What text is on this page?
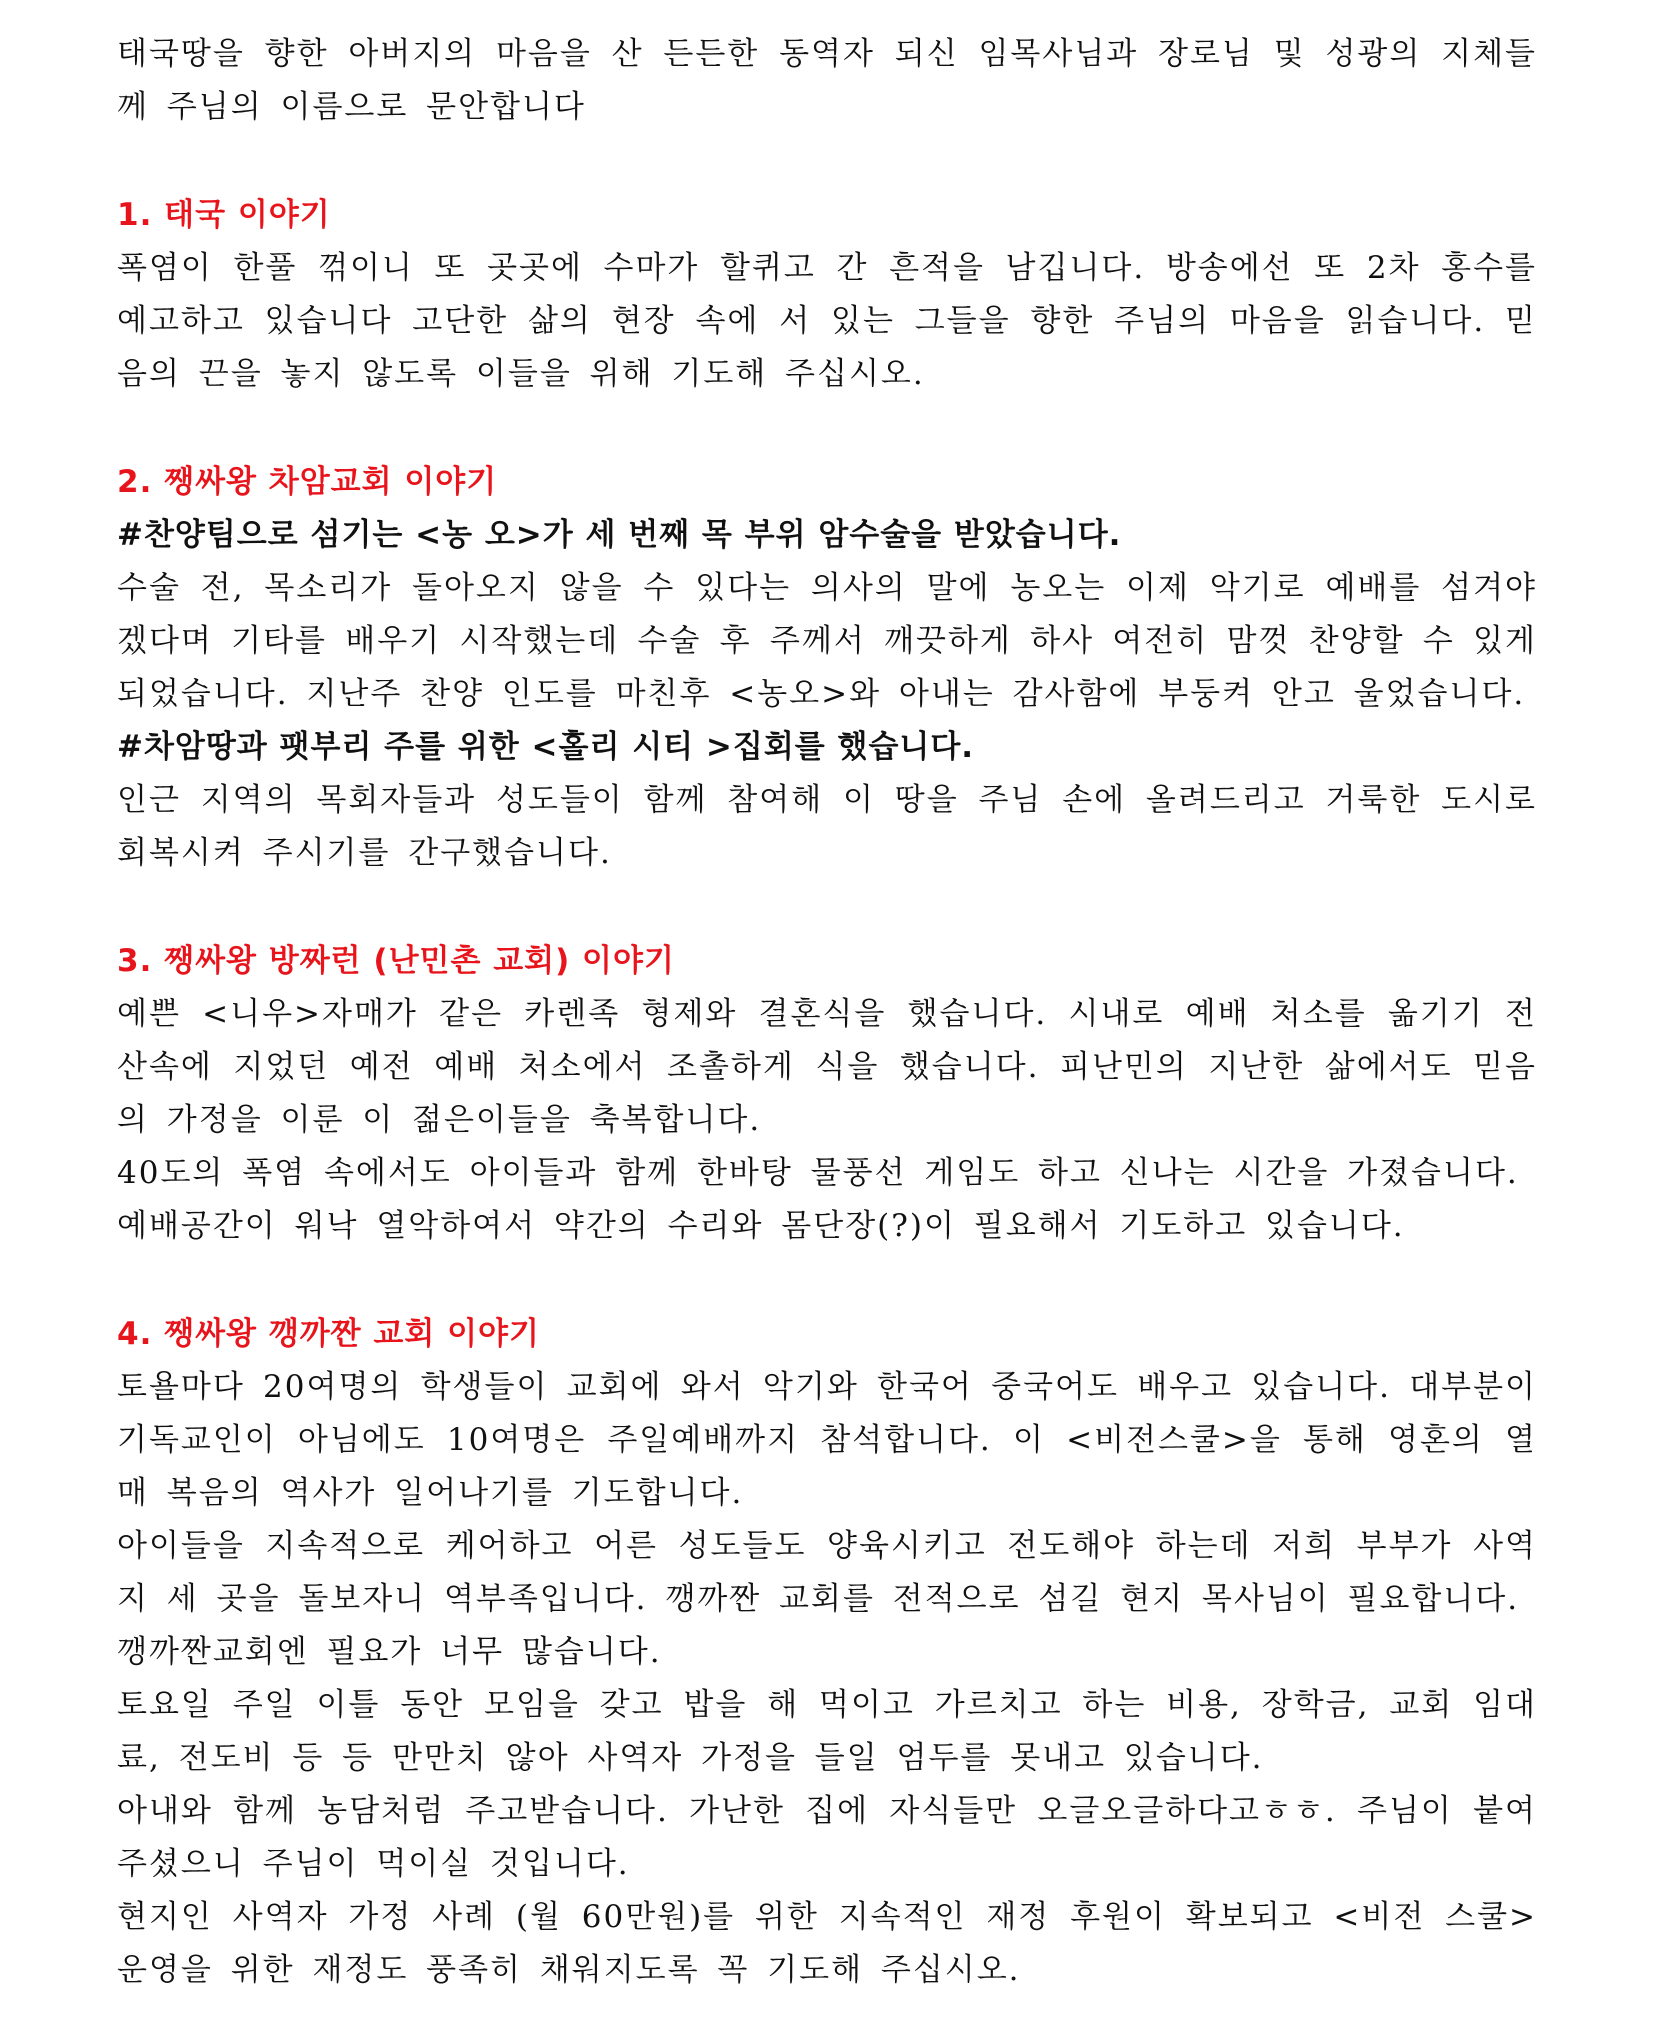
태국땅을 향한 아버지의 마음을 산 든든한 동역자 되신 임목사님과 장로님 및 성광의 지체들께 주님의 이름으로 문안합니다

1. 태국 이야기

폭염이 한풀 꺾이니 또 곳곳에 수마가 할퀴고 간 흔적을 남깁니다. 방송에선 또 2차 홍수를 예고하고 있습니다 고단한 삶의 현장 속에 서 있는 그들을 향한 주님의 마음을 읽습니다. 믿음의 끈을 놓지 않도록 이들을 위해 기도해 주십시오.

2. 쨍싸왕 차암교회 이야기

#찬양팀으로 섬기는 <농 오>가 세 번째 목 부위 암수술을 받았습니다.

수술 전, 목소리가 돌아오지 않을 수 있다는 의사의 말에 농오는 이제 악기로 예배를 섬겨야겠다며 기타를 배우기 시작했는데 수술 후 주께서 깨끗하게 하사 여전히 맘껏 찬양할 수 있게 되었습니다. 지난주 찬양 인도를 마친후 <농오>와 아내는 감사함에 부둥켜 안고 울었습니다.

#차암땅과 팻부리 주를 위한 <홀리 시티 >집회를 했습니다.

인근 지역의 목회자들과 성도들이 함께 참여해 이 땅을 주님 손에 올려드리고 거룩한 도시로 회복시켜 주시기를 간구했습니다.

3. 쨍싸왕 방짜런 (난민촌 교회) 이야기

예쁜 <니우>자매가 같은 카렌족 형제와 결혼식을 했습니다. 시내로 예배 처소를 옮기기 전 산속에 지었던 예전 예배 처소에서 조촐하게 식을 했습니다. 피난민의 지난한 삶에서도 믿음의 가정을 이룬 이 젊은이들을 축복합니다.

40도의 폭염 속에서도 아이들과 함께 한바탕 물풍선 게임도 하고 신나는 시간을 가졌습니다.

예배공간이 워낙 열악하여서 약간의 수리와 몸단장(?)이 필요해서 기도하고 있습니다.

4. 쨍싸왕 깽까짠 교회 이야기

토욜마다 20여명의 학생들이 교회에 와서 악기와 한국어 중국어도 배우고 있습니다. 대부분이 기독교인이 아님에도 10여명은 주일예배까지 참석합니다. 이 <비전스쿨>을 통해 영혼의 열매 복음의 역사가 일어나기를 기도합니다.

아이들을 지속적으로 케어하고 어른 성도들도 양육시키고 전도해야 하는데 저희 부부가 사역지 세 곳을 돌보자니 역부족입니다. 깽까짠 교회를 전적으로 섬길 현지 목사님이 필요합니다.

깽까짠교회엔 필요가 너무 많습니다.

토요일 주일 이틀 동안 모임을 갖고 밥을 해 먹이고 가르치고 하는 비용, 장학금, 교회 임대료, 전도비 등 등 만만치 않아 사역자 가정을 들일 엄두를 못내고 있습니다.

아내와 함께 농담처럼 주고받습니다. 가난한 집에 자식들만 오글오글하다고ㅎㅎ. 주님이 붙여주셨으니 주님이 먹이실 것입니다.

현지인 사역자 가정 사례 (월 60만원)를 위한 지속적인 재정 후원이 확보되고 <비전 스쿨>운영을 위한 재정도 풍족히 채워지도록 꼭 기도해 주십시오.
